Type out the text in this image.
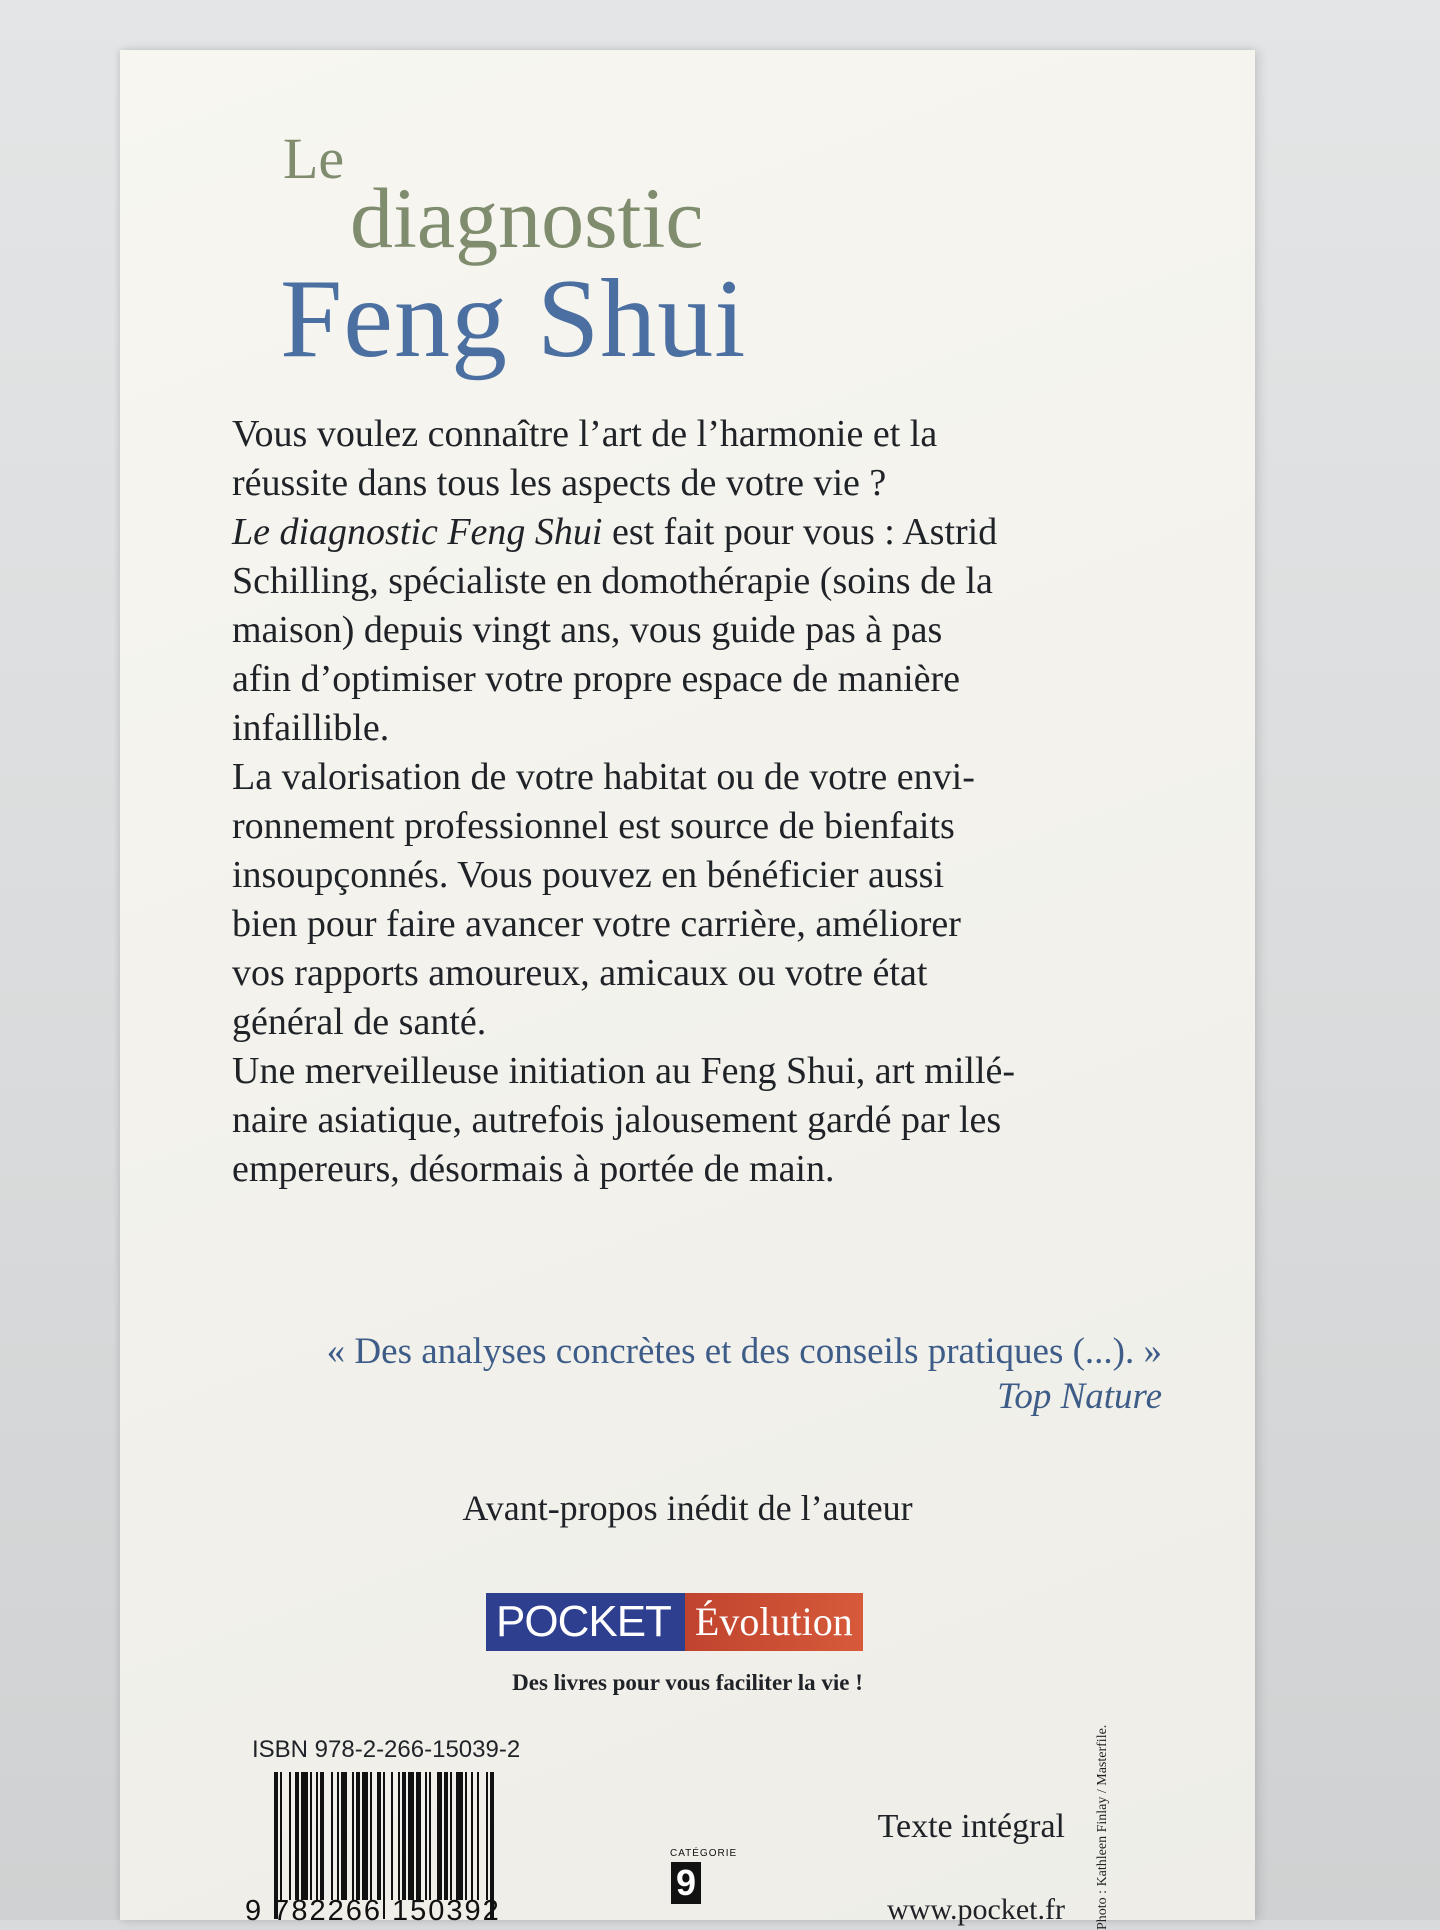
Le
diagnostic
Feng Shui
Vous voulez connaître l’art de l’harmonie et la
réussite dans tous les aspects de votre vie ?
Le diagnostic Feng Shui est fait pour vous : Astrid
Schilling, spécialiste en domothérapie (soins de la
maison) depuis vingt ans, vous guide pas à pas
afin d’optimiser votre propre espace de manière
infaillible.
La valorisation de votre habitat ou de votre envi-
ronnement professionnel est source de bienfaits
insoupçonnés. Vous pouvez en bénéficier aussi
bien pour faire avancer votre carrière, améliorer
vos rapports amoureux, amicaux ou votre état
général de santé.
Une merveilleuse initiation au Feng Shui, art millé-
naire asiatique, autrefois jalousement gardé par les
empereurs, désormais à portée de main.
« Des analyses concrètes et des conseils pratiques (...). »
Top Nature
Avant-propos inédit de l’auteur
POCKET Évolution
Des livres pour vous faciliter la vie !
ISBN 978-2-266-15039-2
9 782266 150392
CATÉGORIE
9
Texte intégral
www.pocket.fr Photo : Kathleen Finlay / Masterfile.
